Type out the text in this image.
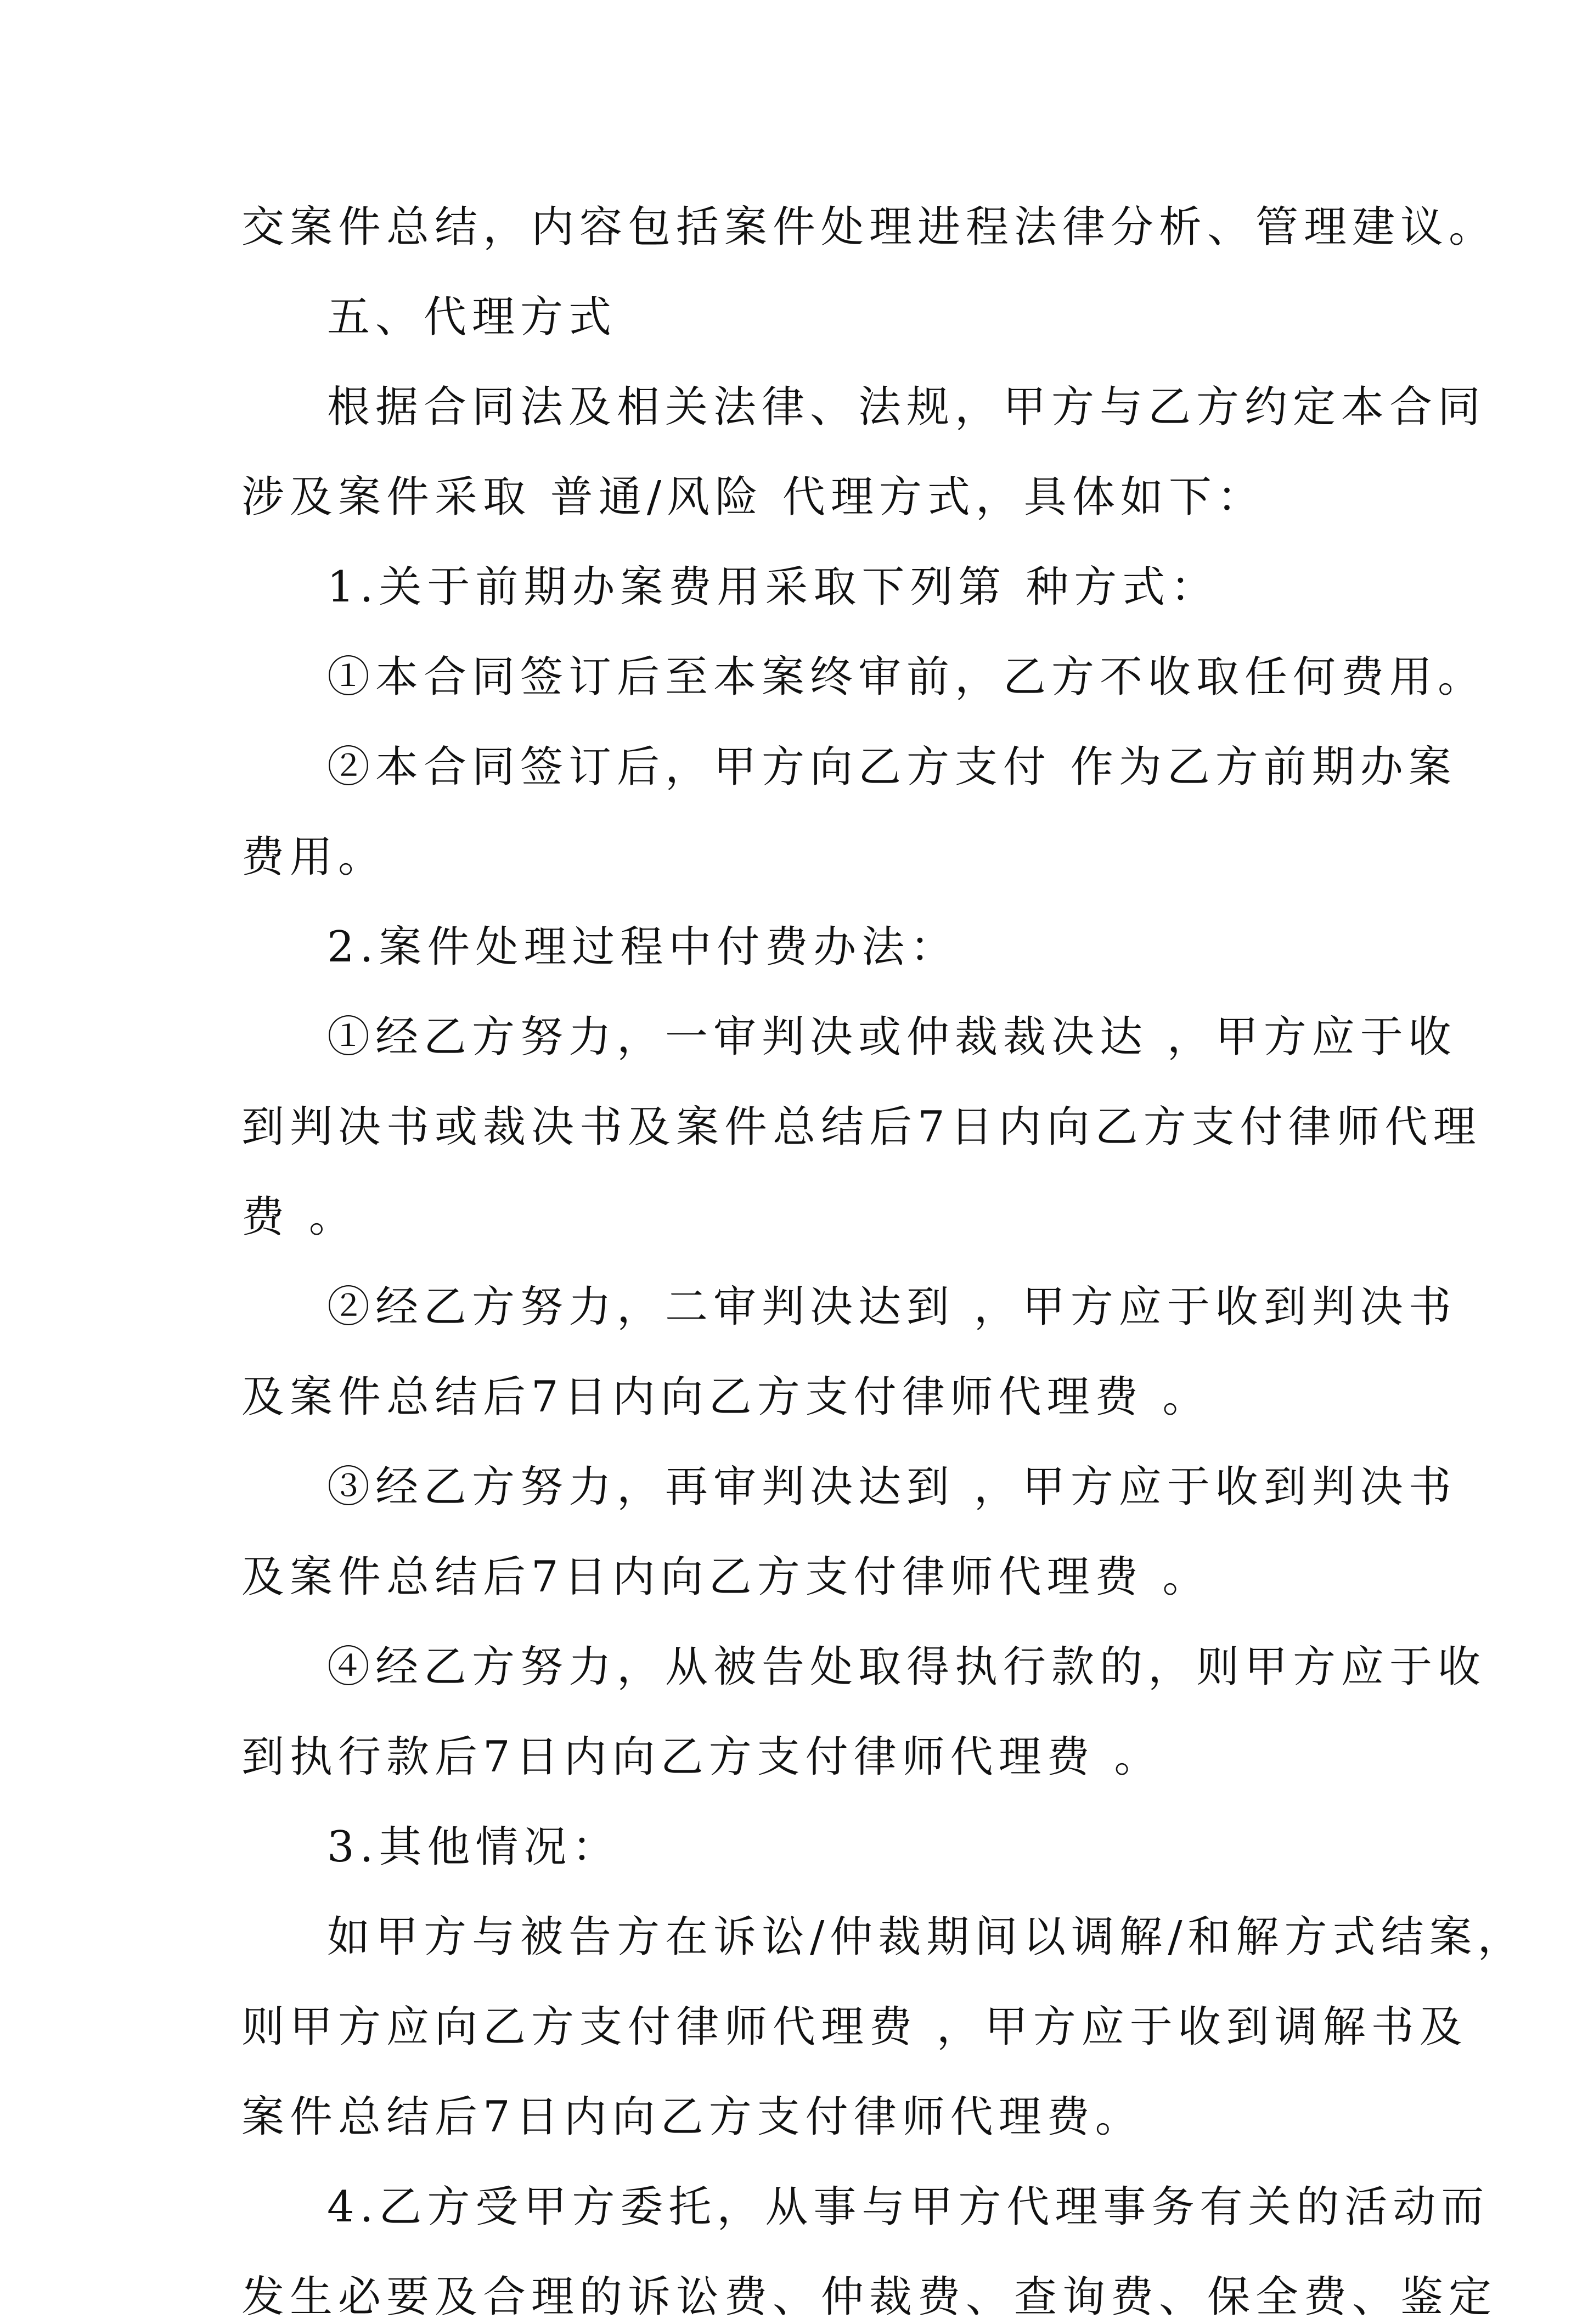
交案件总结，内容包括案件处理进程法律分析、管理建议。
五、代理方式
根据合同法及相关法律、法规，甲方与乙方约定本合同
涉及案件采取 普通/风险 代理方式，具体如下：
1.关于前期办案费用采取下列第 种方式：
①本合同签订后至本案终审前，乙方不收取任何费用。
②本合同签订后，甲方向乙方支付 作为乙方前期办案
费用。
2.案件处理过程中付费办法：
①经乙方努力，一审判决或仲裁裁决达 ，甲方应于收
到判决书或裁决书及案件总结后7日内向乙方支付律师代理
费 。
②经乙方努力，二审判决达到 ，甲方应于收到判决书
及案件总结后7日内向乙方支付律师代理费 。
③经乙方努力，再审判决达到 ，甲方应于收到判决书
及案件总结后7日内向乙方支付律师代理费 。
④经乙方努力，从被告处取得执行款的，则甲方应于收
到执行款后7日内向乙方支付律师代理费 。
3.其他情况：
如甲方与被告方在诉讼/仲裁期间以调解/和解方式结案，
则甲方应向乙方支付律师代理费 ，甲方应于收到调解书及
案件总结后7日内向乙方支付律师代理费。
4.乙方受甲方委托，从事与甲方代理事务有关的活动而
发生必要及合理的诉讼费、仲裁费、查询费、保全费、鉴定
